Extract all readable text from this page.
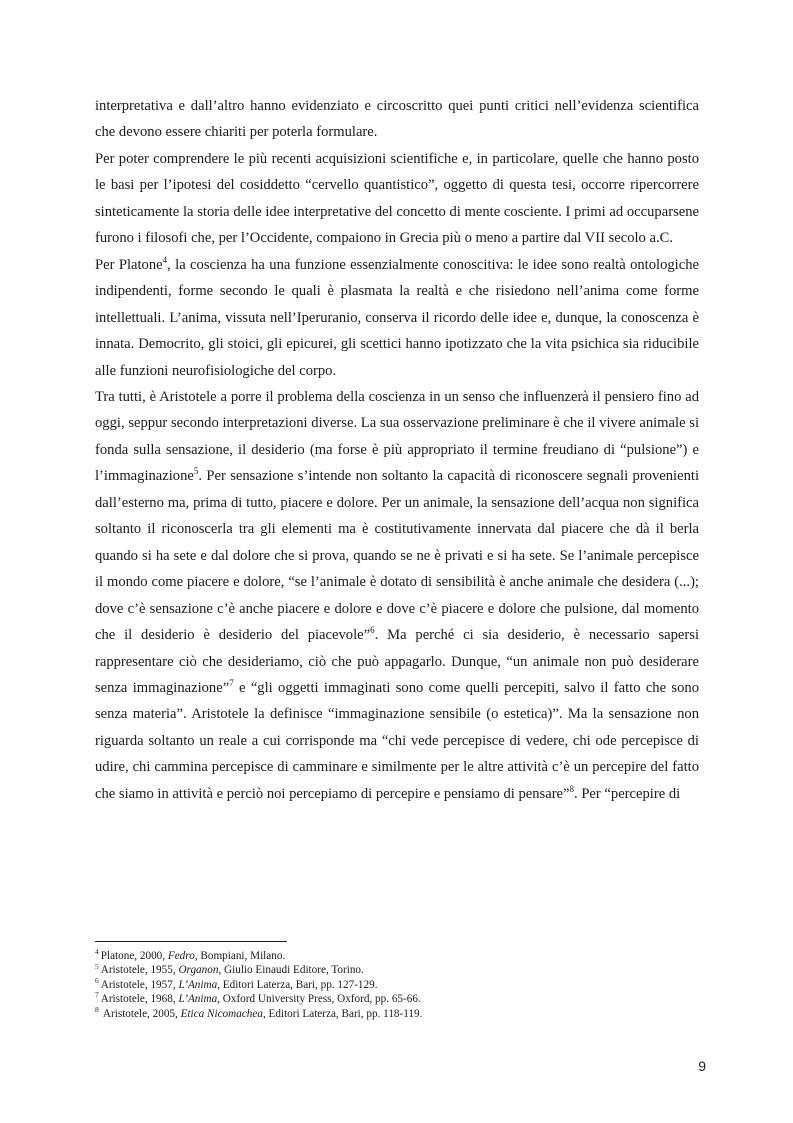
interpretativa e dall’altro hanno evidenziato e circoscritto quei punti critici nell’evidenza scientifica che devono essere chiariti per poterla formulare.

Per poter comprendere le più recenti acquisizioni scientifiche e, in particolare, quelle che hanno posto le basi per l’ipotesi del cosiddetto “cervello quantistico”, oggetto di questa tesi, occorre ripercorrere sinteticamente la storia delle idee interpretative del concetto di mente cosciente. I primi ad occuparsene furono i filosofi che, per l’Occidente, compaiono in Grecia più o meno a partire dal VII secolo a.C.

Per Platone$^4$, la coscienza ha una funzione essenzialmente conoscitiva: le idee sono realtà ontologiche indipendenti, forme secondo le quali è plasmata la realtà e che risiedono nell’anima come forme intellettuali. L’anima, vissuta nell’Iperuranio, conserva il ricordo delle idee e, dunque, la conoscenza è innata. Democrito, gli stoici, gli epicurei, gli scettici hanno ipotizzato che la vita psichica sia riducibile alle funzioni neurofisiologiche del corpo.

Tra tutti, è Aristotele a porre il problema della coscienza in un senso che influenzerà il pensiero fino ad oggi, seppur secondo interpretazioni diverse. La sua osservazione preliminare è che il vivere animale si fonda sulla sensazione, il desiderio (ma forse è più appropriato il termine freudiano di “pulsione”) e l’immaginazione$^5$. Per sensazione s’intende non soltanto la capacità di riconoscere segnali provenienti dall’esterno ma, prima di tutto, piacere e dolore. Per un animale, la sensazione dell’acqua non significa soltanto il riconoscerla tra gli elementi ma è costitutivamente innervata dal piacere che dà il berla quando si ha sete e dal dolore che si prova, quando se ne è privati e si ha sete. Se l’animale percepisce il mondo come piacere e dolore, “se l’animale è dotato di sensibilità è anche animale che desidera (...); dove c’è sensazione c’è anche piacere e dolore e dove c’è piacere e dolore che pulsione, dal momento che il desiderio è desiderio del piacevole”$^6$. Ma perché ci sia desiderio, è necessario sapersi rappresentare ciò che desideriamo, ciò che può appagarlo. Dunque, “un animale non può desiderare senza immaginazione”$^7$ e “gli oggetti immaginati sono come quelli percepiti, salvo il fatto che sono senza materia”. Aristotele la definisce “immaginazione sensibile (o estetica)”. Ma la sensazione non riguarda soltanto un reale a cui corrisponde ma “chi vede percepisce di vedere, chi ode percepisce di udire, chi cammina percepisce di camminare e similmente per le altre attività c’è un percepire del fatto che siamo in attività e perciò noi percepiamo di percepire e pensiamo di pensare”$^8$. Per “percepire di

$^4$ Platone, 2000, Fedro, Bompiani, Milano.

$^5$ Aristotele, 1955, Organon, Giulio Einaudi Editore, Torino.

$^6$ Aristotele, 1957, L’Anima, Editori Laterza, Bari, pp. 127-129.

$^7$ Aristotele, 1968, L’Anima, Oxford University Press, Oxford, pp. 65-66.

$^8$ Aristotele, 2005, Etica Nicomachea, Editori Laterza, Bari, pp. 118-119.

9
